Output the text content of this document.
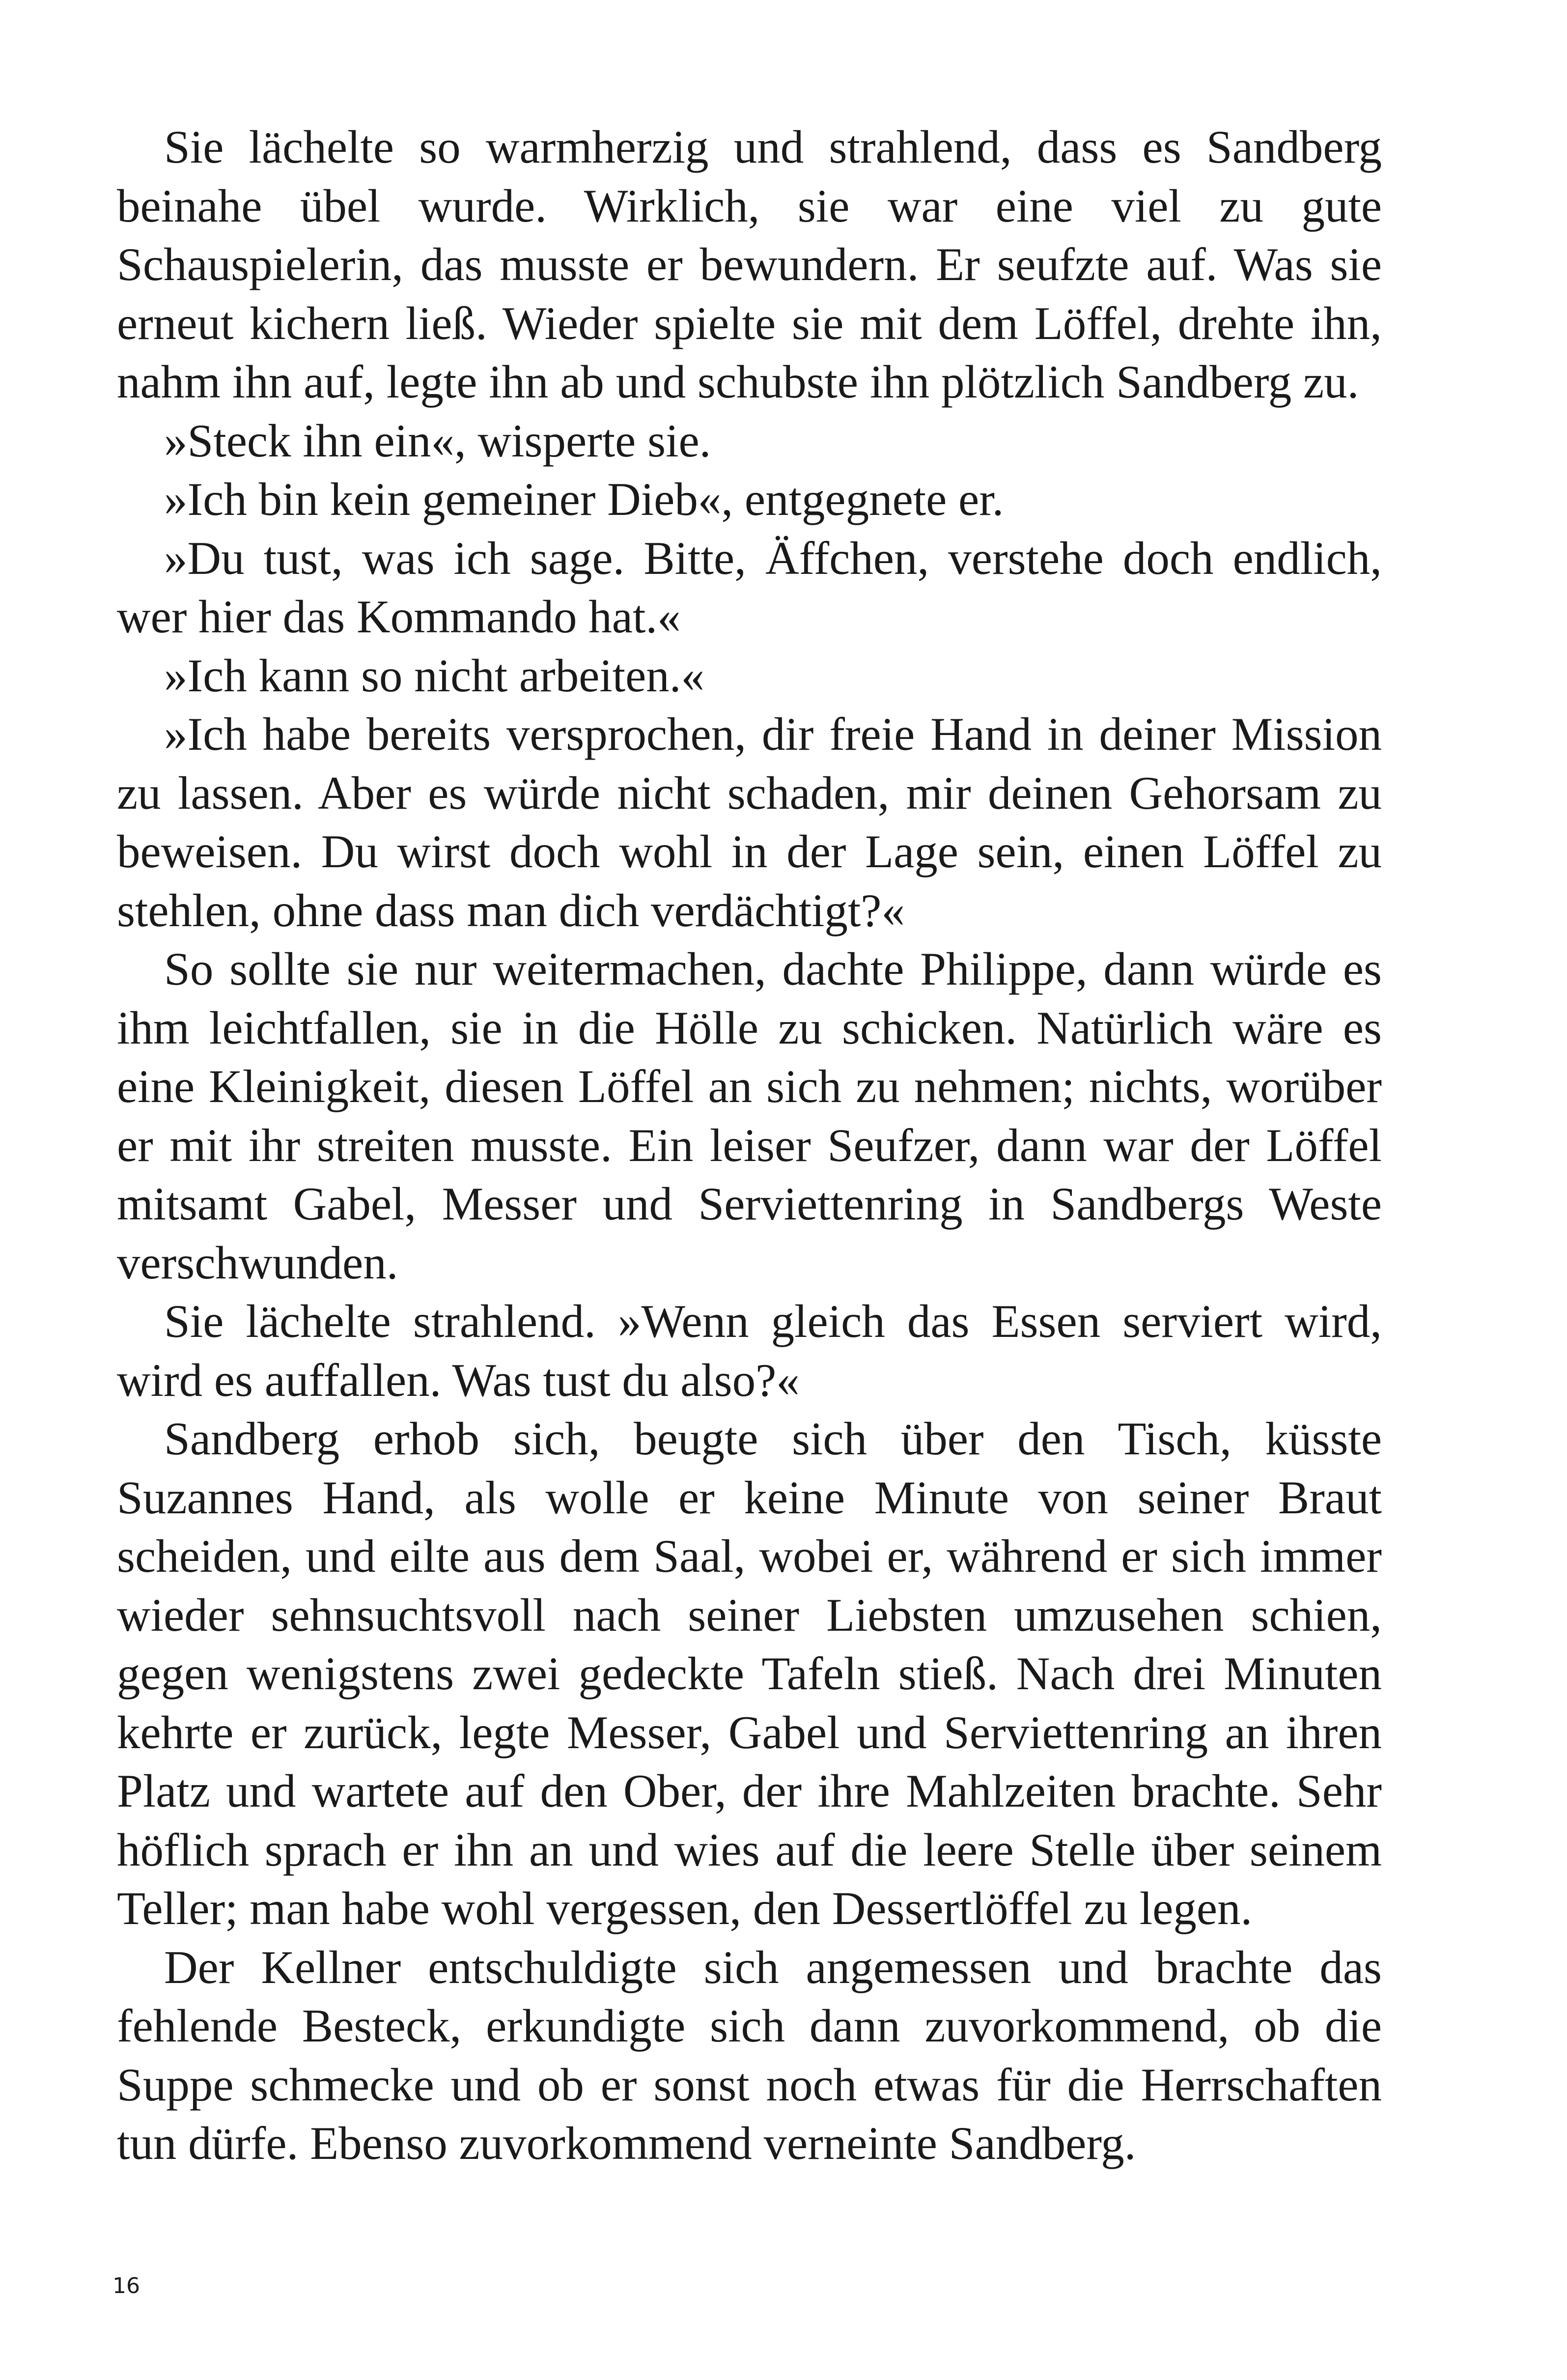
Sie lächelte so warmherzig und strahlend, dass es Sandberg beinahe übel wurde. Wirklich, sie war eine viel zu gute Schauspielerin, das musste er bewundern. Er seufzte auf. Was sie erneut kichern ließ. Wieder spielte sie mit dem Löffel, drehte ihn, nahm ihn auf, legte ihn ab und schubste ihn plötzlich Sandberg zu.

»Steck ihn ein«, wisperte sie.

»Ich bin kein gemeiner Dieb«, entgegnete er.

»Du tust, was ich sage. Bitte, Äffchen, verstehe doch endlich, wer hier das Kommando hat.«

»Ich kann so nicht arbeiten.«

»Ich habe bereits versprochen, dir freie Hand in deiner Mission zu lassen. Aber es würde nicht schaden, mir deinen Gehorsam zu beweisen. Du wirst doch wohl in der Lage sein, einen Löffel zu stehlen, ohne dass man dich verdächtigt?«

So sollte sie nur weitermachen, dachte Philippe, dann würde es ihm leichtfallen, sie in die Hölle zu schicken. Natürlich wäre es eine Kleinigkeit, diesen Löffel an sich zu nehmen; nichts, worüber er mit ihr streiten musste. Ein leiser Seufzer, dann war der Löffel mitsamt Gabel, Messer und Serviettenring in Sandbergs Weste verschwunden.

Sie lächelte strahlend. »Wenn gleich das Essen serviert wird, wird es auffallen. Was tust du also?«

Sandberg erhob sich, beugte sich über den Tisch, küsste Suzannes Hand, als wolle er keine Minute von seiner Braut scheiden, und eilte aus dem Saal, wobei er, während er sich immer wieder sehnsuchtsvoll nach seiner Liebsten umzusehen schien, gegen wenigstens zwei gedeckte Tafeln stieß. Nach drei Minuten kehrte er zurück, legte Messer, Gabel und Serviettenring an ihren Platz und wartete auf den Ober, der ihre Mahlzeiten brachte. Sehr höflich sprach er ihn an und wies auf die leere Stelle über seinem Teller; man habe wohl vergessen, den Dessertlöffel zu legen.

Der Kellner entschuldigte sich angemessen und brachte das fehlende Besteck, erkundigte sich dann zuvorkommend, ob die Suppe schmecke und ob er sonst noch etwas für die Herrschaften tun dürfe. Ebenso zuvorkommend verneinte Sandberg.

16
